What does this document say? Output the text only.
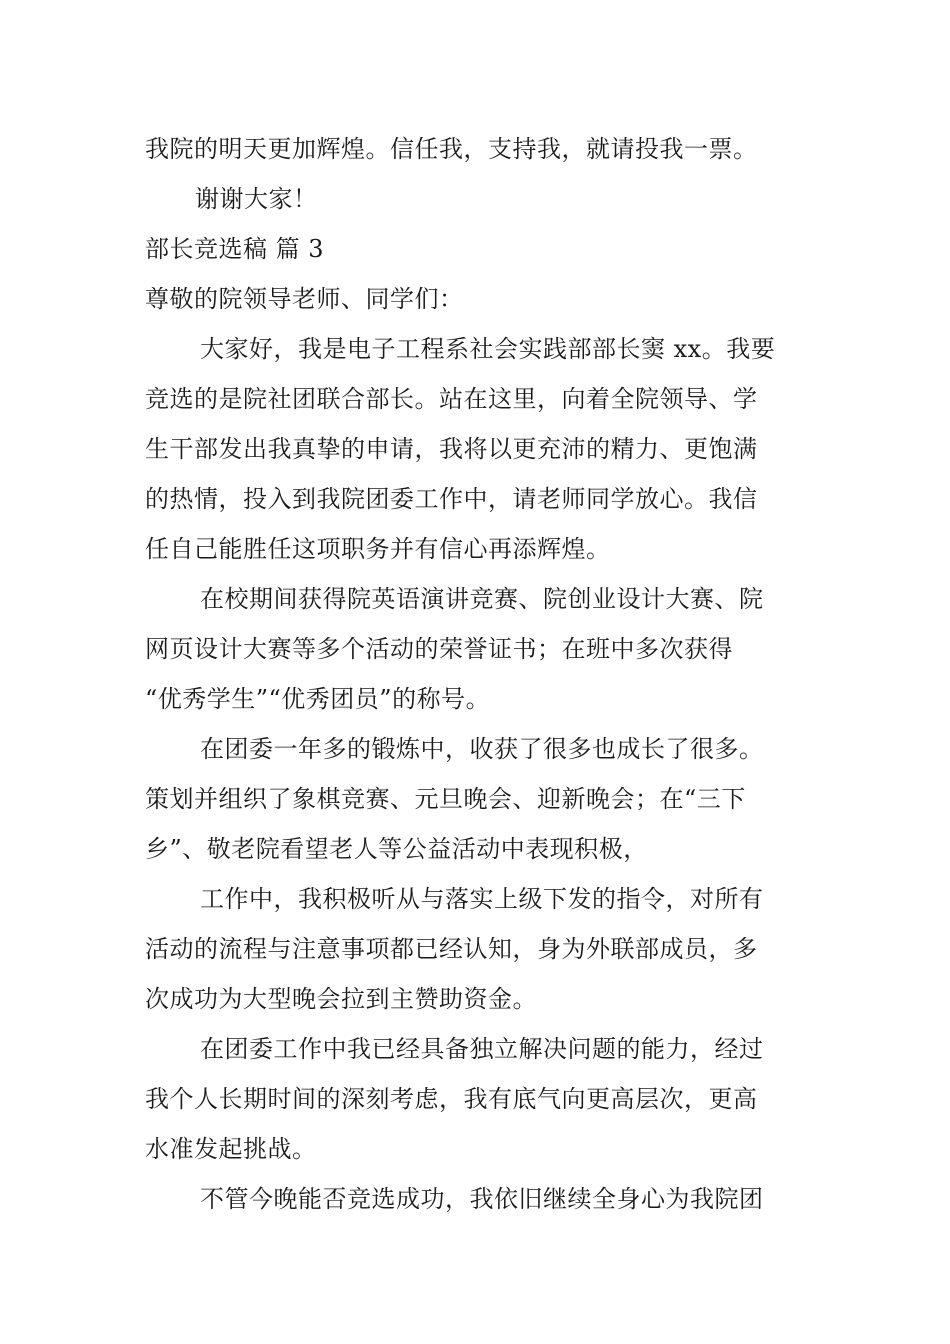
我院的明天更加辉煌。信任我，支持我，就请投我一票。
谢谢大家！
部长竞选稿 篇 3
尊敬的院领导老师、同学们：
大家好，我是电子工程系社会实践部部长窦 xx。我要
竞选的是院社团联合部长。站在这里，向着全院领导、学
生干部发出我真挚的申请，我将以更充沛的精力、更饱满
的热情，投入到我院团委工作中，请老师同学放心。我信
任自己能胜任这项职务并有信心再添辉煌。
在校期间获得院英语演讲竞赛、院创业设计大赛、院
网页设计大赛等多个活动的荣誉证书；在班中多次获得
“优秀学生”“优秀团员”的称号。
在团委一年多的锻炼中，收获了很多也成长了很多。
策划并组织了象棋竞赛、元旦晚会、迎新晚会；在“三下
乡”、敬老院看望老人等公益活动中表现积极，
工作中，我积极听从与落实上级下发的指令，对所有
活动的流程与注意事项都已经认知，身为外联部成员，多
次成功为大型晚会拉到主赞助资金。
在团委工作中我已经具备独立解决问题的能力，经过
我个人长期时间的深刻考虑，我有底气向更高层次，更高
水准发起挑战。
不管今晚能否竞选成功，我依旧继续全身心为我院团
